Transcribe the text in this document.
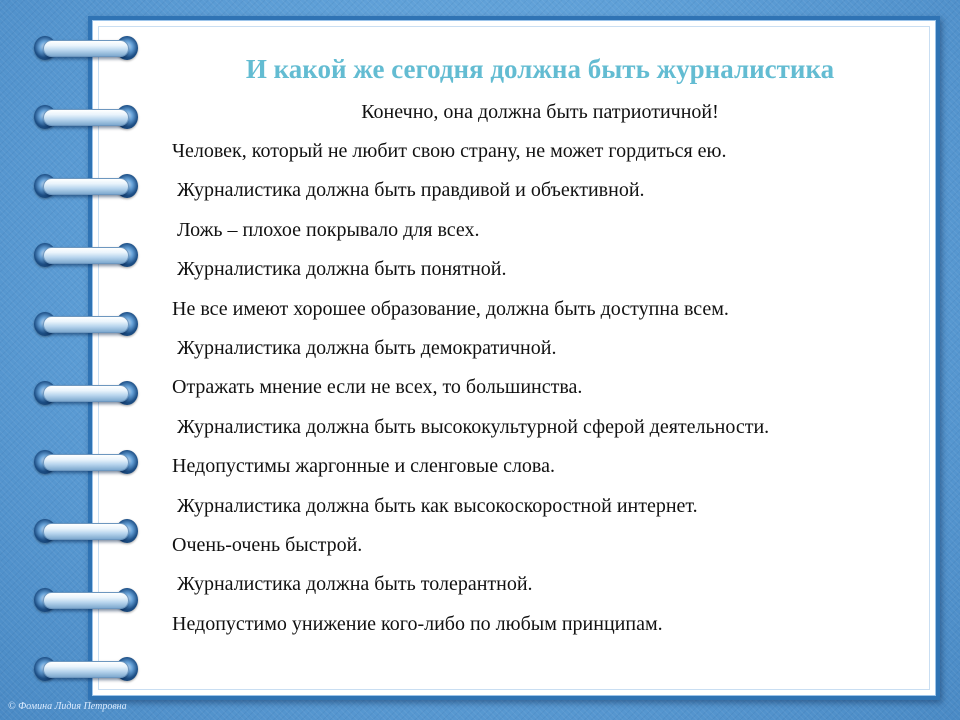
И какой же сегодня должна быть журналистика

Конечно, она должна быть патриотичной!

Человек, который не любит свою страну, не может гордиться ею.
Журналистика должна быть правдивой и объективной.
Ложь – плохое покрывало для всех.
Журналистика должна быть понятной.
Не все имеют хорошее образование, должна быть доступна всем.
Журналистика должна быть демократичной.
Отражать мнение если не всех, то большинства.
Журналистика должна быть высококультурной сферой деятельности.
Недопустимы жаргонные и сленговые слова.
Журналистика должна быть как высокоскоростной интернет.
Очень-очень быстрой.
Журналистика должна быть толерантной.
Недопустимо унижение кого-либо по любым принципам.

© Фомина Лидия Петровна
